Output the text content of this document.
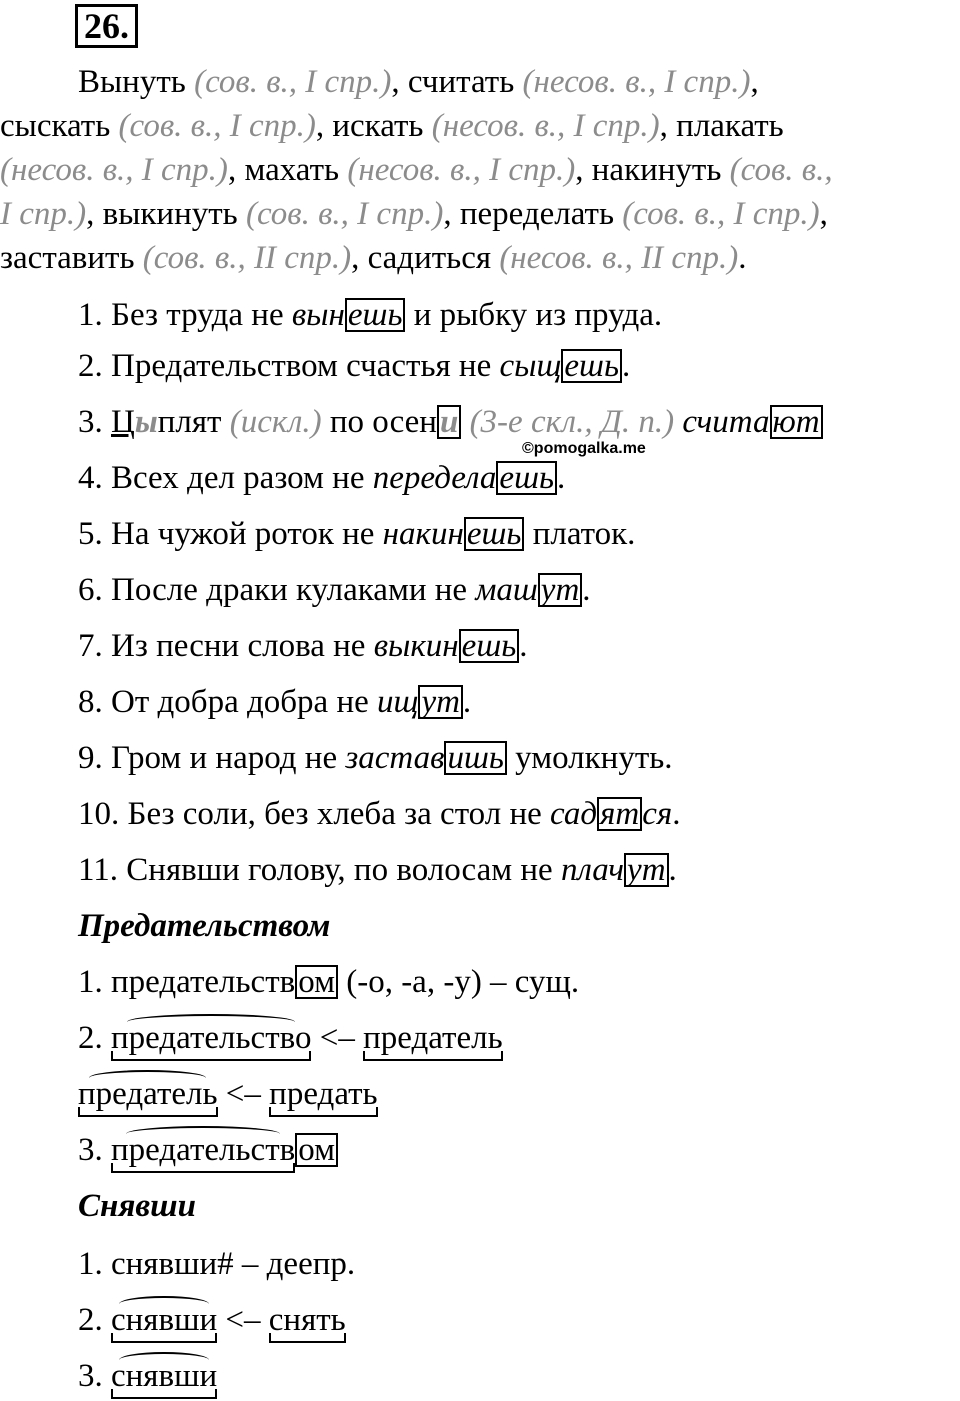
26.
Вынуть (сов. в., I спр.), считать (несов. в., I спр.),
сыскать (сов. в., I спр.), искать (несов. в., I спр.), плакать
(несов. в., I спр.), махать (несов. в., I спр.), накинуть (сов. в.,
I спр.), выкинуть (сов. в., I спр.), переделать (сов. в., I спр.),
заставить (сов. в., II спр.), садиться (несов. в., II спр.).
1. Без труда не вынешь и рыбку из пруда.
2. Предательством счастья не сыщешь.
3. Цыплят (искл.) по осени (3-е скл., Д. п.) считают
©pomogalka.me
4. Всех дел разом не переделаешь.
5. На чужой роток не накинешь платок.
6. После драки кулаками не машут.
7. Из песни слова не выкинешь.
8. От добра добра не ищут.
9. Гром и народ не заставишь умолкнуть.
10. Без соли, без хлеба за стол не садятся.
11. Снявши голову, по волосам не плачут.
Предательством
1. предательством (-о, -а, -у) – сущ.
2. предательство <– предатель
предатель <– предать
3. предательством
Снявши
1. снявши# – деепр.
2. снявши <– снять
3. снявши
